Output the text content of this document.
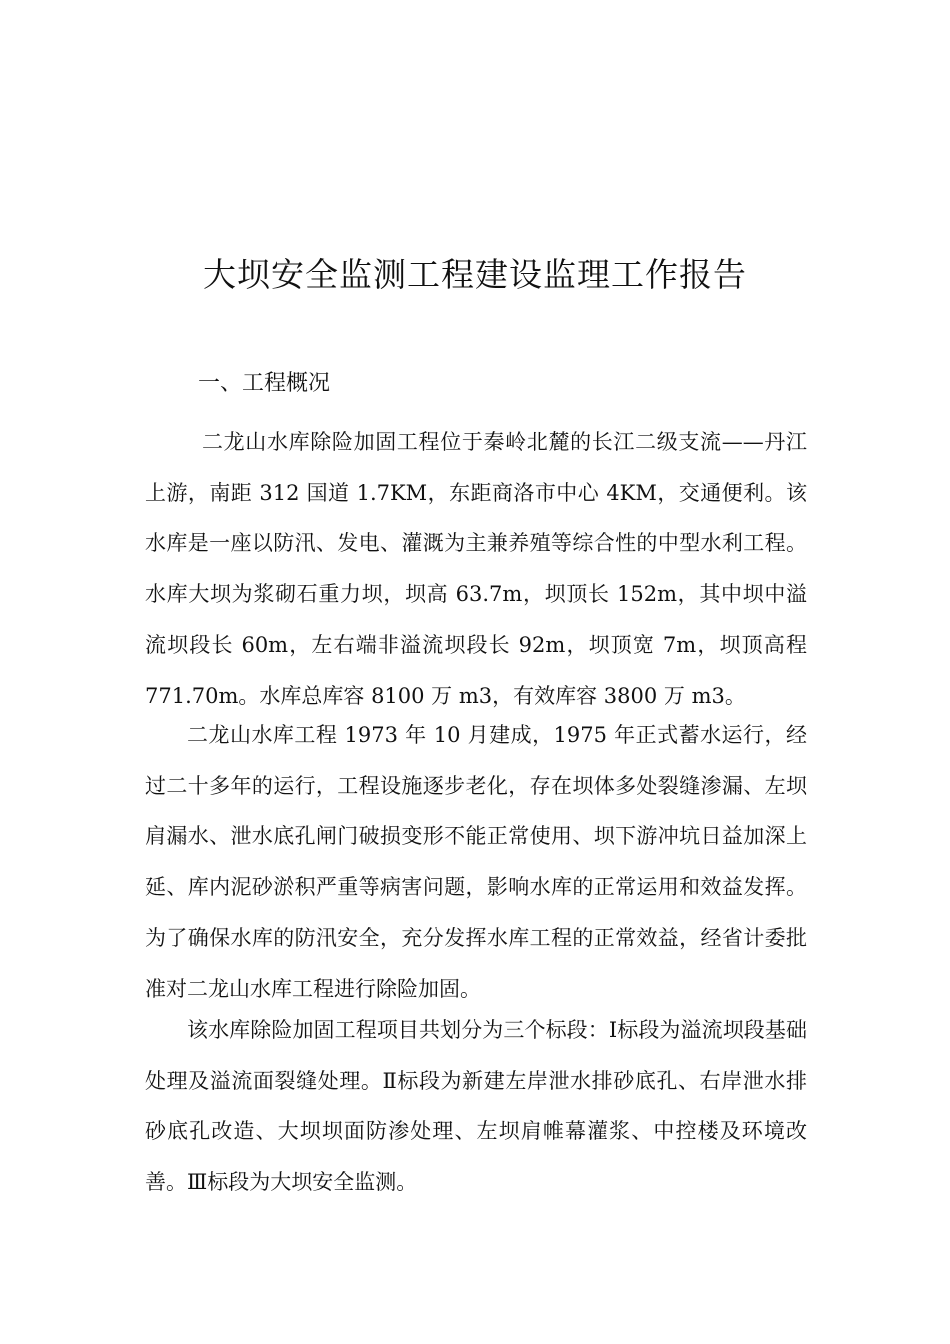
大坝安全监测工程建设监理工作报告
一、工程概况

二龙山水库除险加固工程位于秦岭北麓的长江二级支流——丹江上游，南距 312 国道 1.7KM，东距商洛市中心 4KM，交通便利。该水库是一座以防汛、发电、灌溉为主兼养殖等综合性的中型水利工程。水库大坝为浆砌石重力坝，坝高 63.7m，坝顶长 152m，其中坝中溢流坝段长 60m，左右端非溢流坝段长 92m，坝顶宽 7m，坝顶高程 771.70m。水库总库容 8100 万 m3，有效库容 3800 万 m3。

二龙山水库工程 1973 年 10 月建成，1975 年正式蓄水运行，经过二十多年的运行，工程设施逐步老化，存在坝体多处裂缝渗漏、左坝肩漏水、泄水底孔闸门破损变形不能正常使用、坝下游冲坑日益加深上延、库内泥砂淤积严重等病害问题，影响水库的正常运用和效益发挥。为了确保水库的防汛安全，充分发挥水库工程的正常效益，经省计委批准对二龙山水库工程进行除险加固。

该水库除险加固工程项目共划分为三个标段：Ⅰ标段为溢流坝段基础处理及溢流面裂缝处理。Ⅱ标段为新建左岸泄水排砂底孔、右岸泄水排砂底孔改造、大坝坝面防渗处理、左坝肩帷幕灌浆、中控楼及环境改善。Ⅲ标段为大坝安全监测。
